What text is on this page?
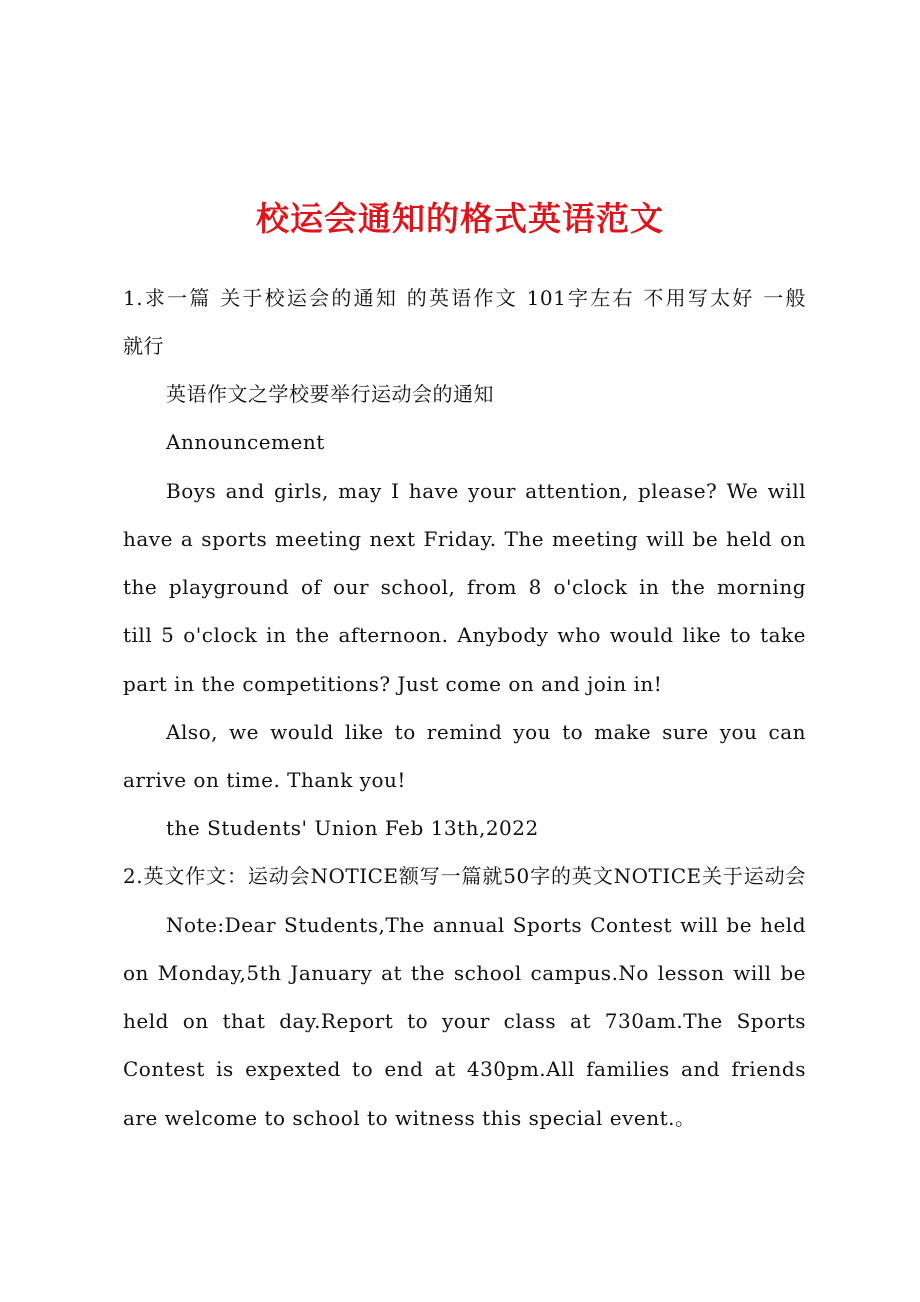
校运会通知的格式英语范文
1.求一篇 关于校运会的通知 的英语作文 101字左右 不用写太好 一般
就行
英语作文之学校要举行运动会的通知
Announcement
Boys and girls, may I have your attention, please? We will
have a sports meeting next Friday. The meeting will be held on
the playground of our school, from 8 o'clock in the morning
till 5 o'clock in the afternoon. Anybody who would like to take
part in the competitions? Just come on and join in!
Also, we would like to remind you to make sure you can
arrive on time. Thank you!
the Students' Union Feb 13th,2022
2.英文作文：运动会NOTICE额写一篇就50字的英文NOTICE关于运动会
Note:Dear Students,The annual Sports Contest will be held
on Monday,5th January at the school campus.No lesson will be
held on that day.Report to your class at 730am.The Sports
Contest is expexted to end at 430pm.All families and friends
are welcome to school to witness this special event.。
